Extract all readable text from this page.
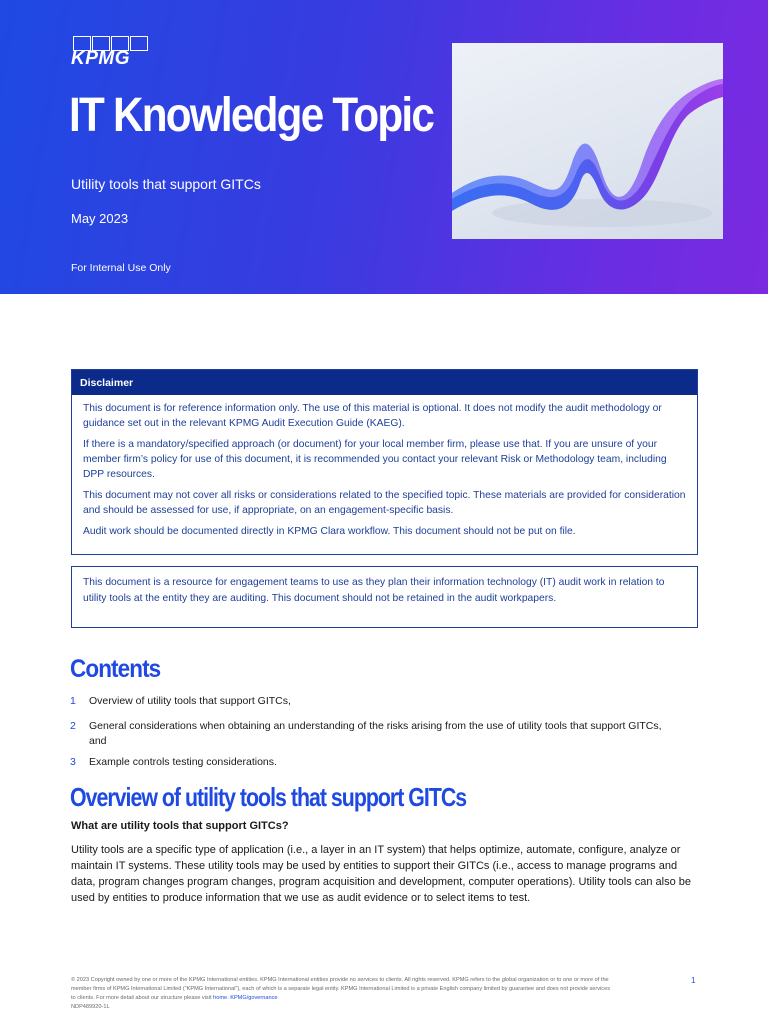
KPMG
IT Knowledge Topic
Utility tools that support GITCs
May 2023
For Internal Use Only
Disclaimer

This document is for reference information only. The use of this material is optional. It does not modify the audit methodology or guidance set out in the relevant KPMG Audit Execution Guide (KAEG).

If there is a mandatory/specified approach (or document) for your local member firm, please use that. If you are unsure of your member firm’s policy for use of this document, it is recommended you contact your relevant Risk or Methodology team, including DPP resources.

This document may not cover all risks or considerations related to the specified topic. These materials are provided for consideration and should be assessed for use, if appropriate, on an engagement-specific basis.

Audit work should be documented directly in KPMG Clara workflow. This document should not be put on file.

This document is a resource for engagement teams to use as they plan their information technology (IT) audit work in relation to utility tools at the entity they are auditing. This document should not be retained in the audit workpapers.

Contents
1 Overview of utility tools that support GITCs,
2 General considerations when obtaining an understanding of the risks arising from the use of utility tools that support GITCs, and
3 Example controls testing considerations.
Overview of utility tools that support GITCs
What are utility tools that support GITCs?
Utility tools are a specific type of application (i.e., a layer in an IT system) that helps optimize, automate, configure, analyze or maintain IT systems. These utility tools may be used by entities to support their GITCs (i.e., access to manage programs and data, program changes program changes, program acquisition and development, computer operations). Utility tools can also be used by entities to produce information that we use as audit evidence or to select items to test.
© 2023 Copyright owned by one or more of the KPMG International entities. KPMG International entities provide no services to clients. All rights reserved. KPMG refers to the global organization or to one or more of the member firms of KPMG International Limited (“KPMG International”), each of which is a separate legal entity. KPMG International Limited is a private English company limited by guarantee and does not provide services to clients. For more detail about our structure please visit home. KPMG/governance
NDP489920-1L
1
